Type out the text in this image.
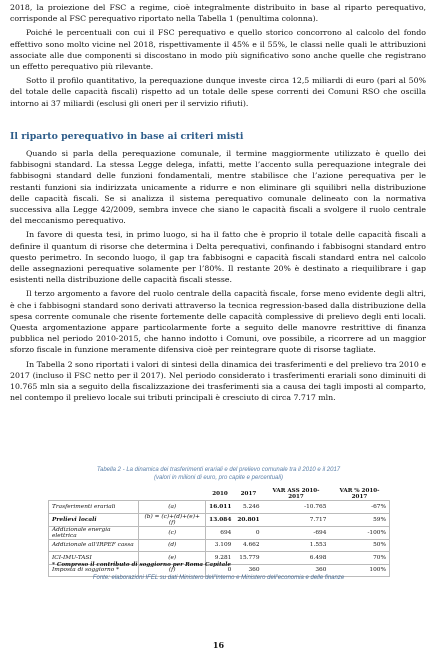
2018, la proiezione del FSC a regime, cioè integralmente distribuito in base al riparto perequativo, corrisponde al FSC perequativo riportato nella Tabella 1 (penultima colonna).

Poiché le percentuali con cui il FSC perequativo e quello storico concorrono al calcolo del fondo effettivo sono molto vicine nel 2018, rispettivamente il 45% e il 55%, le classi nelle quali le attribuzioni associate alle due componenti si discostano in modo più significativo sono anche quelle che registrano un effetto perequativo più rilevante.

Sotto il profilo quantitativo, la perequazione dunque investe circa 12,5 miliardi di euro (pari al 50% del totale delle capacità fiscali) rispetto ad un totale delle spese correnti dei Comuni RSO che oscilla intorno ai 37 miliardi (esclusi gli oneri per il servizio rifiuti).

Il riparto perequativo in base ai criteri misti

Quando si parla della perequazione comunale, il termine maggiormente utilizzato è quello dei fabbisogni standard. La stessa Legge delega, infatti, mette l’accento sulla perequazione integrale dei fabbisogni standard delle funzioni fondamentali, mentre stabilisce che l’azione perequativa per le restanti funzioni sia indirizzata unicamente a ridurre e non eliminare gli squilibri nella distribuzione delle capacità fiscali. Se si analizza il sistema perequativo comunale delineato con la normativa successiva alla Legge 42/2009, sembra invece che siano le capacità fiscali a svolgere il ruolo centrale del meccanismo perequativo.

In favore di questa tesi, in primo luogo, si ha il fatto che è proprio il totale delle capacità fiscali a definire il quantum di risorse che determina i Delta perequativi, confinando i fabbisogni standard entro questo perimetro. In secondo luogo, il gap tra fabbisogni e capacità fiscali standard entra nel calcolo delle assegnazioni perequative solamente per l’80%. Il restante 20% è destinato a riequilibrare i gap esistenti nella distribuzione delle capacità fiscali stesse.

Il terzo argomento a favore del ruolo centrale della capacità fiscale, forse meno evidente degli altri, è che i fabbisogni standard sono derivati attraverso la tecnica regression-based dalla distribuzione della spesa corrente comunale che risente fortemente delle capacità complessive di prelievo degli enti locali. Questa argomentazione appare particolarmente forte a seguito delle manovre restrittive di finanza pubblica nel periodo 2010-2015, che hanno indotto i Comuni, ove possibile, a ricorrere ad un maggior sforzo fiscale in funzione meramente difensiva cioè per reintegrare quote di risorse tagliate.

In Tabella 2 sono riportati i valori di sintesi della dinamica dei trasferimenti e del prelievo tra 2010 e 2017 (incluso il FSC netto per il 2017). Nel periodo considerato i trasferimenti erariali sono diminuiti di 10.765 mln sia a seguito della fiscalizzazione dei trasferimenti sia a causa dei tagli imposti al comparto, nel contempo il prelievo locale sui tributi principali è cresciuto di circa 7.717 mln.

Tabella 2 - La dinamica dei trasferimenti erariali e del prelievo comunale tra il 2010 e il 2017
(valori in milioni di euro, pro capite e percentuali)
		2010	2017	VAR ASS 2010-2017	VAR % 2010-2017
Trasferimenti erariali	(a)	16.011	5.246	-10.765	-67%
Prelievi locali	(b) = (c)+(d)+(e)+(f)	13.084	20.801	7.717	59%
Addizionale energia elettrica	(c)	694	0	-694	-100%
Addizionale all'IRPEF cassa	(d)	3.109	4.662	1.553	50%
ICI-IMU-TASI	(e)	9.281	15.779	6.498	70%
Imposta di soggiorno *	(f)	0	360	360	100%
* Compreso il contributo di soggiorno per Roma Capitale
Fonte: elaborazioni IFEL su dati Ministero dell’Interno e Ministero dell’economia e delle finanze
16
